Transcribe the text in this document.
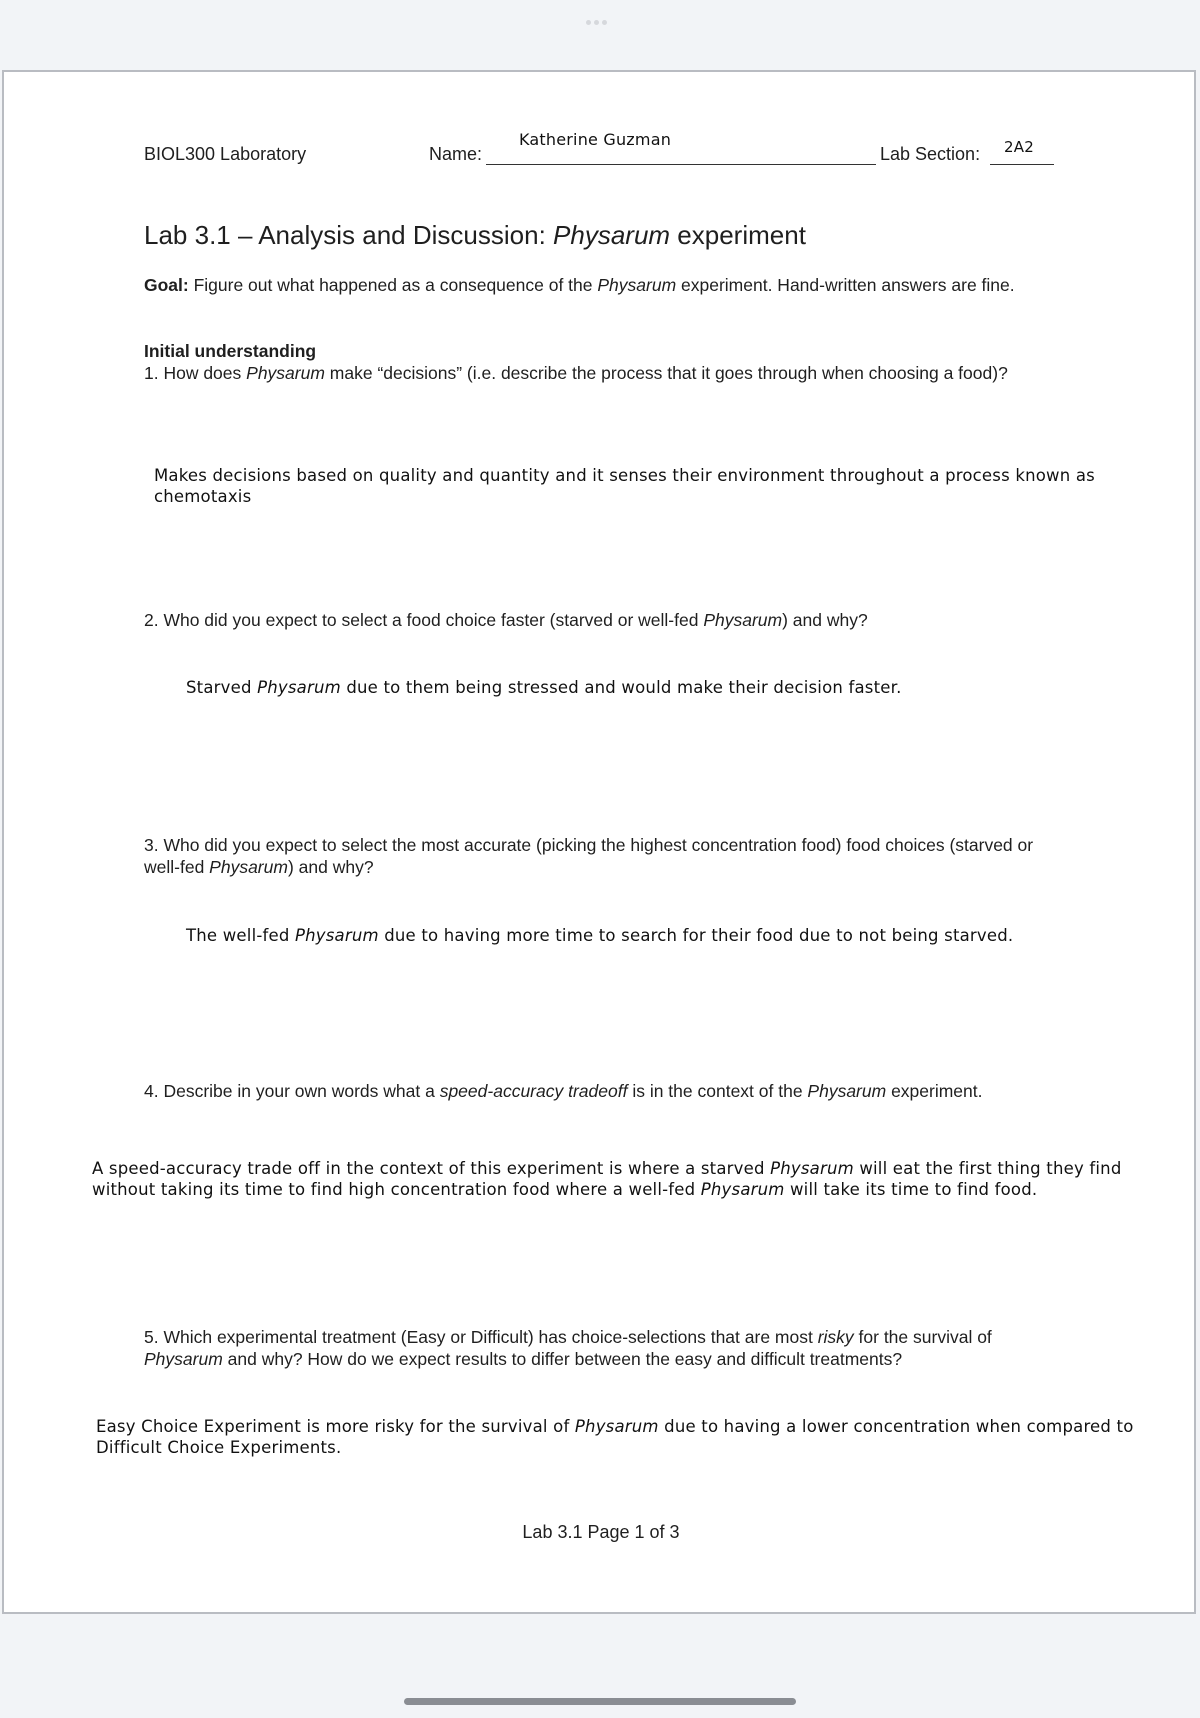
BIOL300 Laboratory	Name:
Katherine Guzman
Lab Section: 2A2
Lab 3.1 – Analysis and Discussion: Physarum experiment
Goal: Figure out what happened as a consequence of the Physarum experiment. Hand-written answers are fine.
Initial understanding
1. How does Physarum make “decisions” (i.e. describe the process that it goes through when choosing a food)?
Makes decisions based on quality and quantity and it senses their environment throughout a process known as chemotaxis
2. Who did you expect to select a food choice faster (starved or well-fed Physarum) and why?
Starved Physarum due to them being stressed and would make their decision faster.
3. Who did you expect to select the most accurate (picking the highest concentration food) food choices (starved or well-fed Physarum) and why?
The well-fed Physarum due to having more time to search for their food due to not being starved.
4. Describe in your own words what a speed-accuracy tradeoff is in the context of the Physarum experiment.
A speed-accuracy trade off in the context of this experiment is where a starved Physarum will eat the first thing they find without taking its time to find high concentration food where a well-fed Physarum will take its time to find food.
5. Which experimental treatment (Easy or Difficult) has choice-selections that are most risky for the survival of Physarum and why? How do we expect results to differ between the easy and difficult treatments?
Easy Choice Experiment is more risky for the survival of Physarum due to having a lower concentration when compared to Difficult Choice Experiments.
Lab 3.1 Page 1 of 3
